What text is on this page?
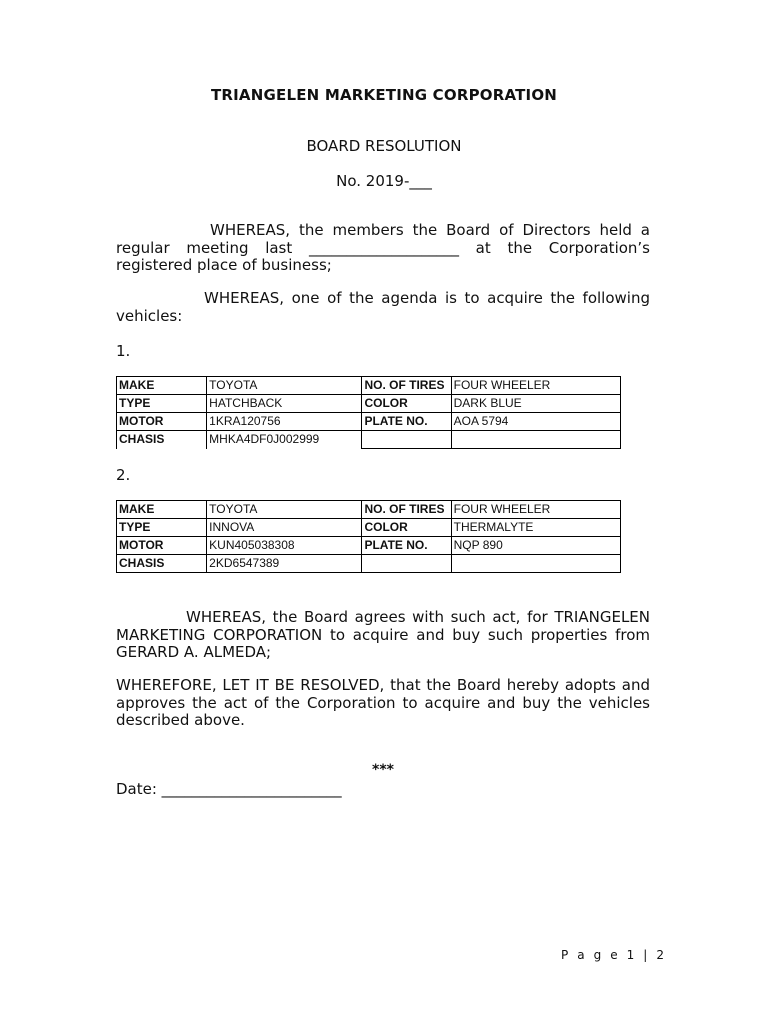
TRIANGELEN MARKETING CORPORATION
BOARD RESOLUTION
No. 2019-___
WHEREAS, the members the Board of Directors held a regular meeting last ____________________ at the Corporation’s registered place of business;
WHEREAS, one of the agenda is to acquire the following vehicles:
1.
MAKE	TOYOTA	NO. OF TIRES	FOUR WHEELER
TYPE	HATCHBACK	COLOR	DARK BLUE
MOTOR	1KRA120756	PLATE NO.	AOA 5794
CHASIS	MHKA4DF0J002999		
2.
MAKE	TOYOTA	NO. OF TIRES	FOUR WHEELER
TYPE	INNOVA	COLOR	THERMALYTE
MOTOR	KUN405038308	PLATE NO.	NQP 890
CHASIS	2KD6547389		
WHEREAS, the Board agrees with such act, for TRIANGELEN MARKETING CORPORATION to acquire and buy such properties from GERARD A. ALMEDA;
WHEREFORE, LET IT BE RESOLVED, that the Board hereby adopts and approves the act of the Corporation to acquire and buy the vehicles described above.
***
Date: ________________________
P a g e 1 | 2
